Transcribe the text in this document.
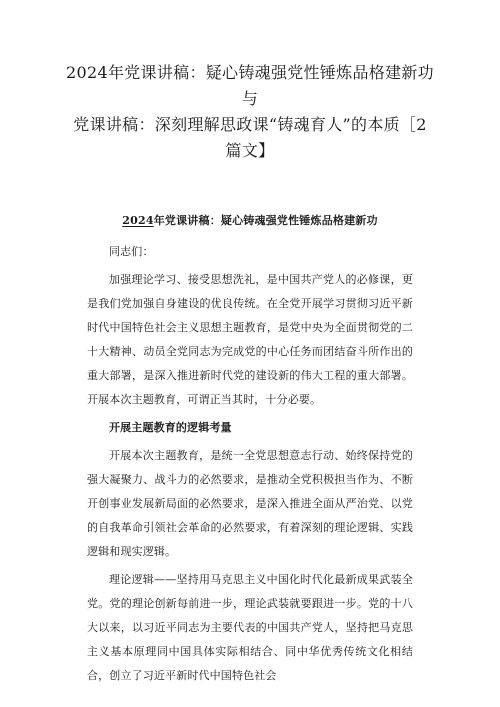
2024年党课讲稿：疑心铸魂强党性锤炼品格建新功与
党课讲稿：深刻理解思政课“铸魂育人”的本质［2
篇文】
2024年党课讲稿：疑心铸魂强党性锤炼品格建新功

同志们：

加强理论学习、接受思想洗礼，是中国共产党人的必修课，更是我们党加强自身建设的优良传统。在全党开展学习贯彻习近平新时代中国特色社会主义思想主题教育，是党中央为全面贯彻党的二十大精神、动员全党同志为完成党的中心任务而团结奋斗所作出的重大部署，是深入推进新时代党的建设新的伟大工程的重大部署。开展本次主题教育，可谓正当其时，十分必要。

开展主题教育的逻辑考量

开展本次主题教育，是统一全党思想意志行动、始终保持党的强大凝聚力、战斗力的必然要求，是推动全党积极担当作为、不断开创事业发展新局面的必然要求，是深入推进全面从严治党、以党的自我革命引领社会革命的必然要求，有着深刻的理论逻辑、实践逻辑和现实逻辑。

理论逻辑——坚持用马克思主义中国化时代化最新成果武装全党。党的理论创新每前进一步，理论武装就要跟进一步。党的十八大以来，以习近平同志为主要代表的中国共产党人，坚持把马克思主义基本原理同中国具体实际相结合、同中华优秀传统文化相结合，创立了习近平新时代中国特色社会
